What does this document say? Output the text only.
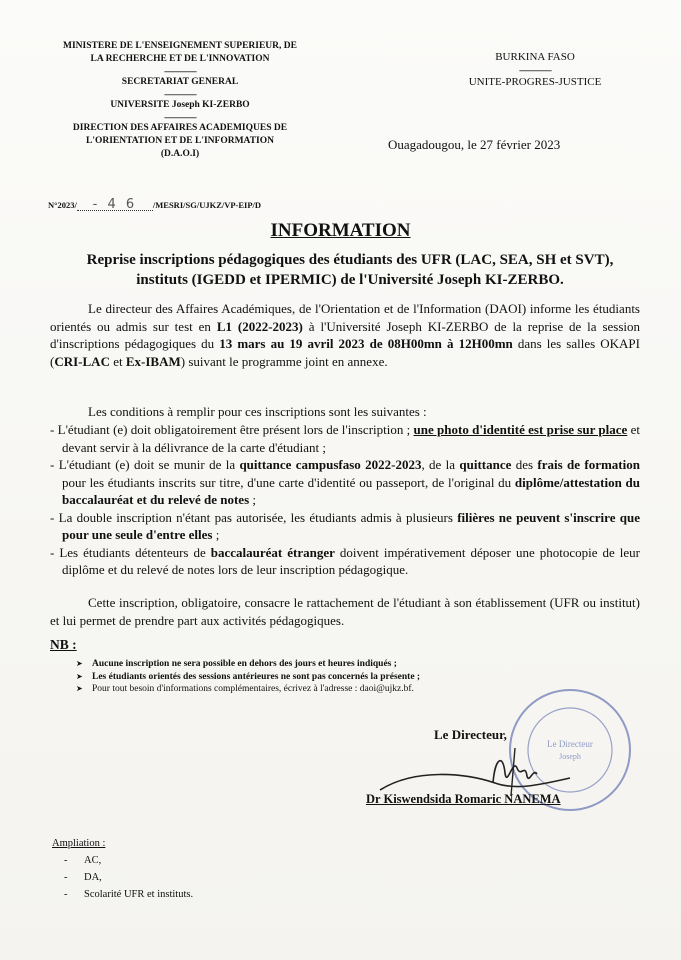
MINISTERE DE L'ENSEIGNEMENT SUPERIEUR, DE
LA RECHERCHE ET DE L'INNOVATION
----------------
SECRETARIAT GENERAL
----------------
UNIVERSITE Joseph KI-ZERBO
----------------
DIRECTION DES AFFAIRES ACADEMIQUES DE
L'ORIENTATION ET DE L'INFORMATION
(D.A.O.I)
BURKINA FASO
----------------
UNITE-PROGRES-JUSTICE
Ouagadougou, le 27 février 2023
N°2023/ - 4 6 /MESRI/SG/UJKZ/VP-EIP/D
INFORMATION
Reprise inscriptions pédagogiques des étudiants des UFR (LAC, SEA, SH et SVT), instituts (IGEDD et IPERMIC) de l'Université Joseph KI-ZERBO.
Le directeur des Affaires Académiques, de l'Orientation et de l'Information (DAOI) informe les étudiants orientés ou admis sur test en L1 (2022-2023) à l'Université Joseph KI-ZERBO de la reprise de la session d'inscriptions pédagogiques du 13 mars au 19 avril 2023 de 08H00mn à 12H00mn dans les salles OKAPI (CRI-LAC et Ex-IBAM) suivant le programme joint en annexe.
Les conditions à remplir pour ces inscriptions sont les suivantes :
- L'étudiant (e) doit obligatoirement être présent lors de l'inscription ; une photo d'identité est prise sur place et devant servir à la délivrance de la carte d'étudiant ;
- L'étudiant (e) doit se munir de la quittance campusfaso 2022-2023, de la quittance des frais de formation pour les étudiants inscrits sur titre, d'une carte d'identité ou passeport, de l'original du diplôme/attestation du baccalauréat et du relevé de notes ;
- La double inscription n'étant pas autorisée, les étudiants admis à plusieurs filières ne peuvent s'inscrire que pour une seule d'entre elles ;
- Les étudiants détenteurs de baccalauréat étranger doivent impérativement déposer une photocopie de leur diplôme et du relevé de notes lors de leur inscription pédagogique.
Cette inscription, obligatoire, consacre le rattachement de l'étudiant à son établissement (UFR ou institut) et lui permet de prendre part aux activités pédagogiques.
NB :
➤ Aucune inscription ne sera possible en dehors des jours et heures indiqués ;
➤ Les étudiants orientés des sessions antérieures ne sont pas concernés la présente ;
➤ Pour tout besoin d'informations complémentaires, écrivez à l'adresse : daoi@ujkz.bf.
Le Directeur
Joseph
Le Directeur,
Dr Kiswendsida Romaric NANEMA
Ampliation :
- AC,
- DA,
- Scolarité UFR et instituts.
